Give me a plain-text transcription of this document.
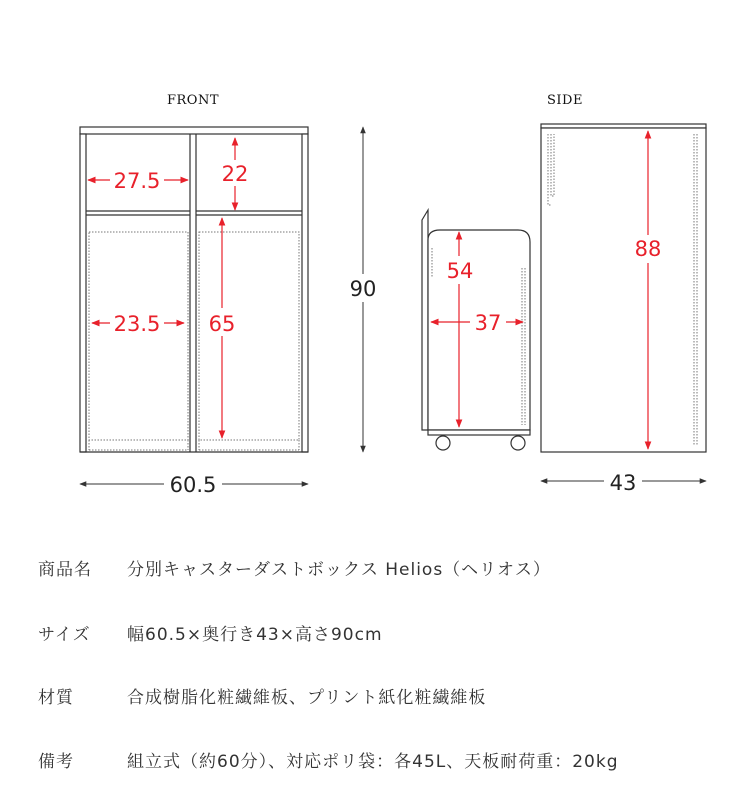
FRONT
27.5	22
23.5 65
90
60.5
SIDE
54
37
88
43
商品名 分別キャスターダストボックス Helios（ヘリオス）
サイズ 幅60.5×奥行き43×高さ90cm
材質	合成樹脂化粧繊維板、プリント紙化粧繊維板
備考	組立式（約60分）、対応ポリ袋：各45L、天板耐荷重：20kg
